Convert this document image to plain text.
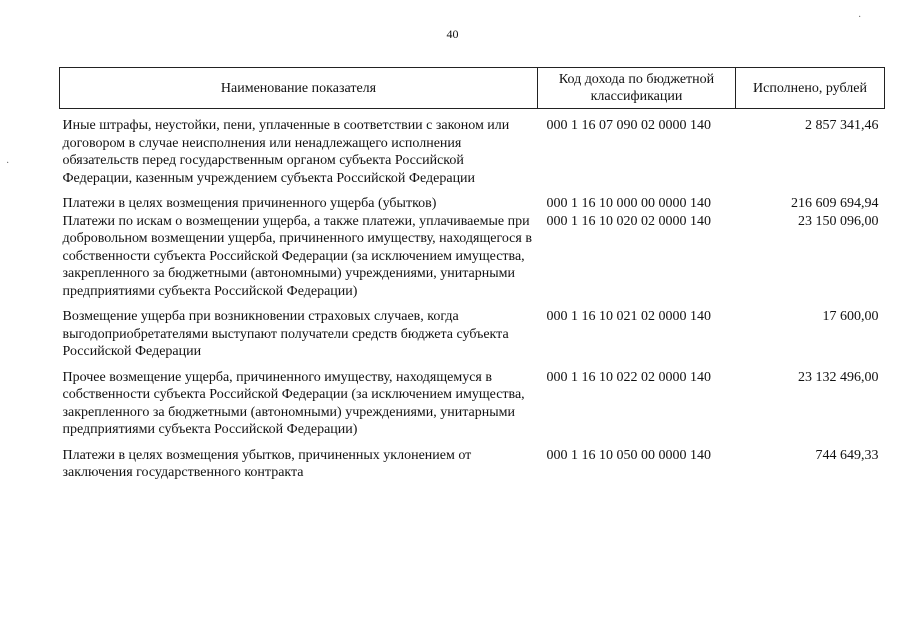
40
·
·
Наименование показателя	Код дохода по бюджетной классификации	Исполнено, рублей
Иные штрафы, неустойки, пени, уплаченные в соответствии с законом или договором в случае неисполнения или ненадлежащего исполнения обязательств перед государственным органом субъекта Российской Федерации, казенным учреждением субъекта Российской Федерации	000 1 16 07 090 02 0000 140	2 857 341,46
Платежи в целях возмещения причиненного ущерба (убытков)	000 1 16 10 000 00 0000 140	216 609 694,94
Платежи по искам о возмещении ущерба, а также платежи, уплачиваемые при добровольном возмещении ущерба, причиненного имуществу, находящегося в собственности субъекта Российской Федерации (за исключением имущества, закрепленного за бюджетными (автономными) учреждениями, унитарными предприятиями субъекта Российской Федерации)	000 1 16 10 020 02 0000 140	23 150 096,00
Возмещение ущерба при возникновении страховых случаев, когда выгодоприобретателями выступают получатели средств бюджета субъекта Российской Федерации	000 1 16 10 021 02 0000 140	17 600,00
Прочее возмещение ущерба, причиненного имуществу, находящемуся в собственности субъекта Российской Федерации (за исключением имущества, закрепленного за бюджетными (автономными) учреждениями, унитарными предприятиями субъекта Российской Федерации)	000 1 16 10 022 02 0000 140	23 132 496,00
Платежи в целях возмещения убытков, причиненных уклонением от заключения государственного контракта	000 1 16 10 050 00 0000 140	744 649,33
